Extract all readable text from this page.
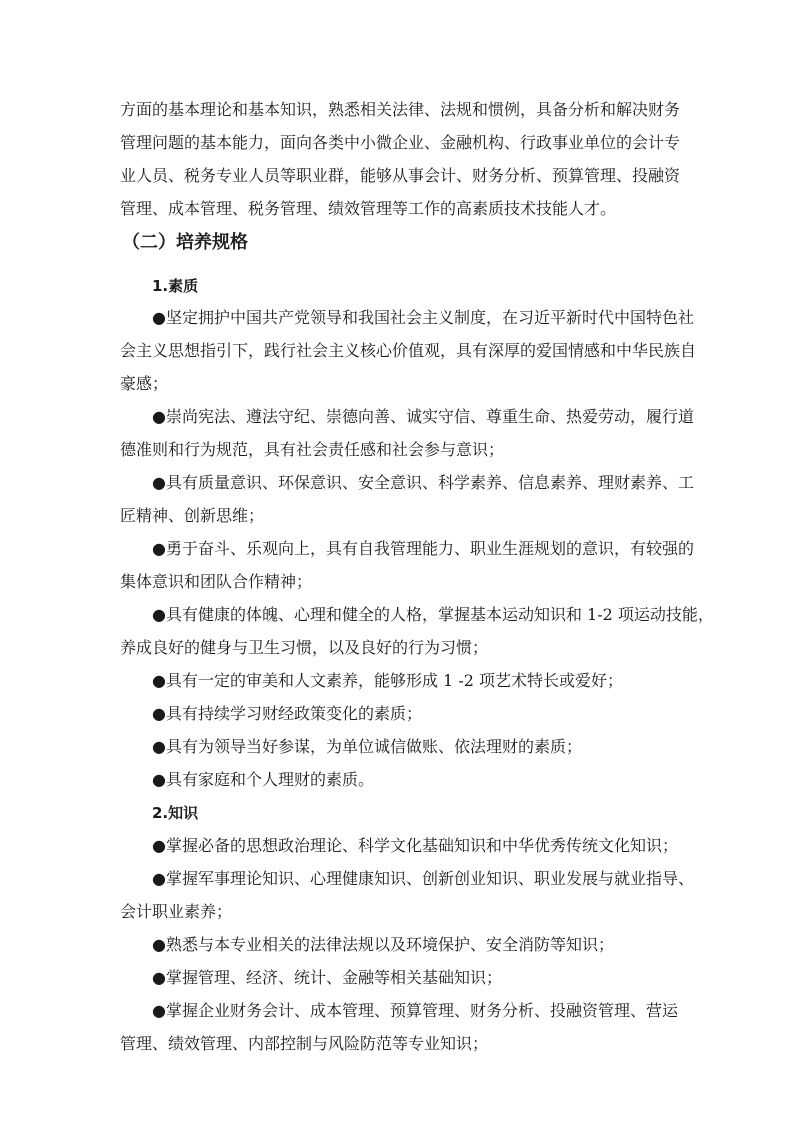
方面的基本理论和基本知识，熟悉相关法律、法规和惯例，具备分析和解决财务
管理问题的基本能力，面向各类中小微企业、金融机构、行政事业单位的会计专
业人员、税务专业人员等职业群，能够从事会计、财务分析、预算管理、投融资
管理、成本管理、税务管理、绩效管理等工作的高素质技术技能人才。
（二）培养规格
1.素质
●坚定拥护中国共产党领导和我国社会主义制度，在习近平新时代中国特色社
会主义思想指引下，践行社会主义核心价值观，具有深厚的爱国情感和中华民族自
豪感；
●崇尚宪法、遵法守纪、崇德向善、诚实守信、尊重生命、热爱劳动，履行道
德准则和行为规范，具有社会责任感和社会参与意识；
●具有质量意识、环保意识、安全意识、科学素养、信息素养、理财素养、工
匠精神、创新思维；
●勇于奋斗、乐观向上，具有自我管理能力、职业生涯规划的意识，有较强的
集体意识和团队合作精神；
●具有健康的体魄、心理和健全的人格，掌握基本运动知识和 1-2 项运动技能，
养成良好的健身与卫生习惯，以及良好的行为习惯；
●具有一定的审美和人文素养，能够形成 1 -2 项艺术特长或爱好；
●具有持续学习财经政策变化的素质；
●具有为领导当好参谋，为单位诚信做账、依法理财的素质；
●具有家庭和个人理财的素质。
2.知识
●掌握必备的思想政治理论、科学文化基础知识和中华优秀传统文化知识；
●掌握军事理论知识、心理健康知识、创新创业知识、职业发展与就业指导、
会计职业素养；
●熟悉与本专业相关的法律法规以及环境保护、安全消防等知识；
●掌握管理、经济、统计、金融等相关基础知识；
●掌握企业财务会计、成本管理、预算管理、财务分析、投融资管理、营运
管理、绩效管理、内部控制与风险防范等专业知识；
